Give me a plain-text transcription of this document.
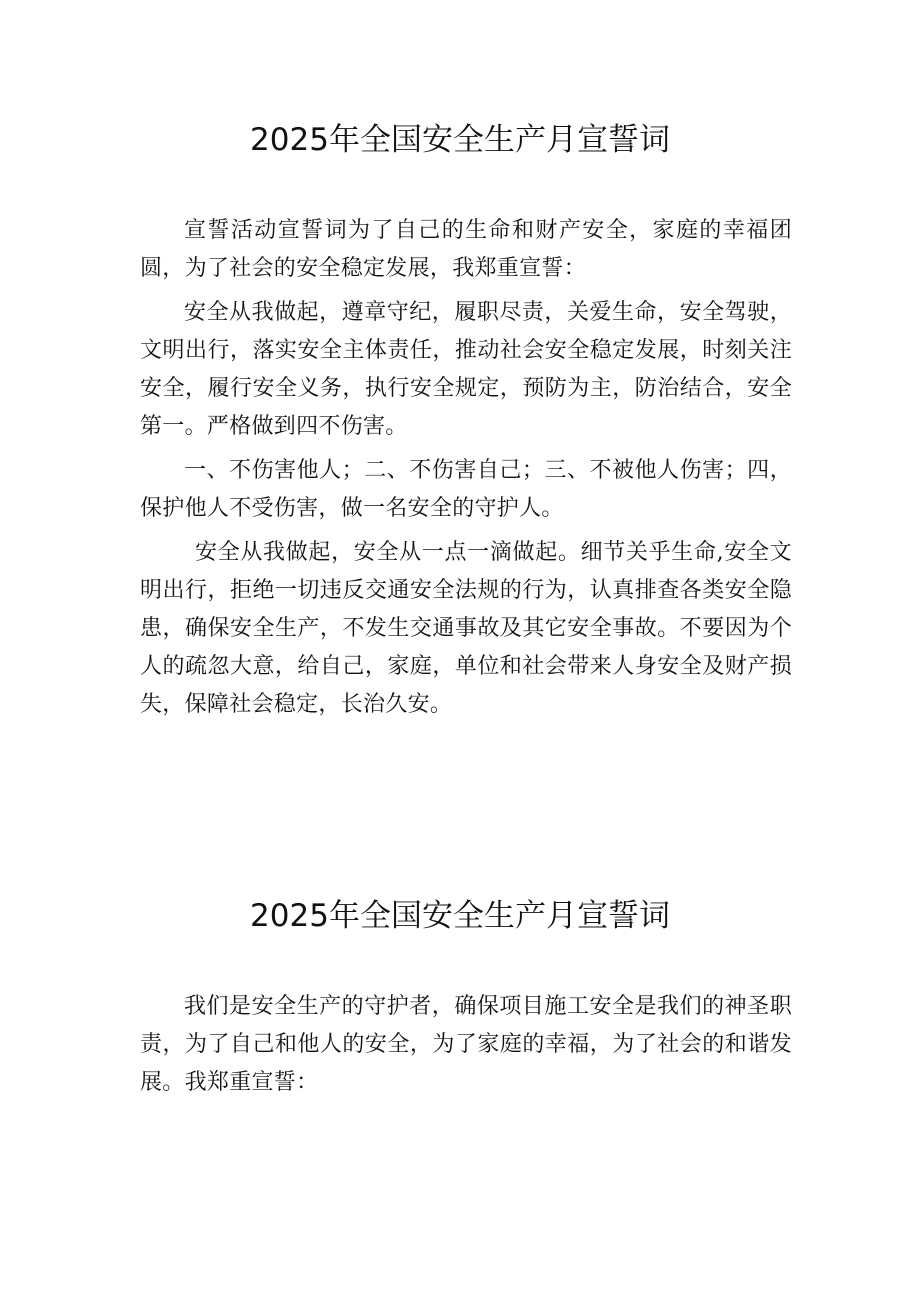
2025年全国安全生产月宣誓词

宣誓活动宣誓词为了自己的生命和财产安全，家庭的幸福团圆，为了社会的安全稳定发展，我郑重宣誓：

安全从我做起，遵章守纪，履职尽责，关爱生命，安全驾驶，文明出行，落实安全主体责任，推动社会安全稳定发展，时刻关注安全，履行安全义务，执行安全规定，预防为主，防治结合，安全第一。严格做到四不伤害。

一、不伤害他人；二、不伤害自己；三、不被他人伤害；四，保护他人不受伤害，做一名安全的守护人。

安全从我做起，安全从一点一滴做起。细节关乎生命,安全文明出行，拒绝一切违反交通安全法规的行为，认真排查各类安全隐患，确保安全生产，不发生交通事故及其它安全事故。不要因为个人的疏忽大意，给自己，家庭，单位和社会带来人身安全及财产损失，保障社会稳定，长治久安。

2025年全国安全生产月宣誓词

我们是安全生产的守护者，确保项目施工安全是我们的神圣职责，为了自己和他人的安全，为了家庭的幸福，为了社会的和谐发展。我郑重宣誓：
